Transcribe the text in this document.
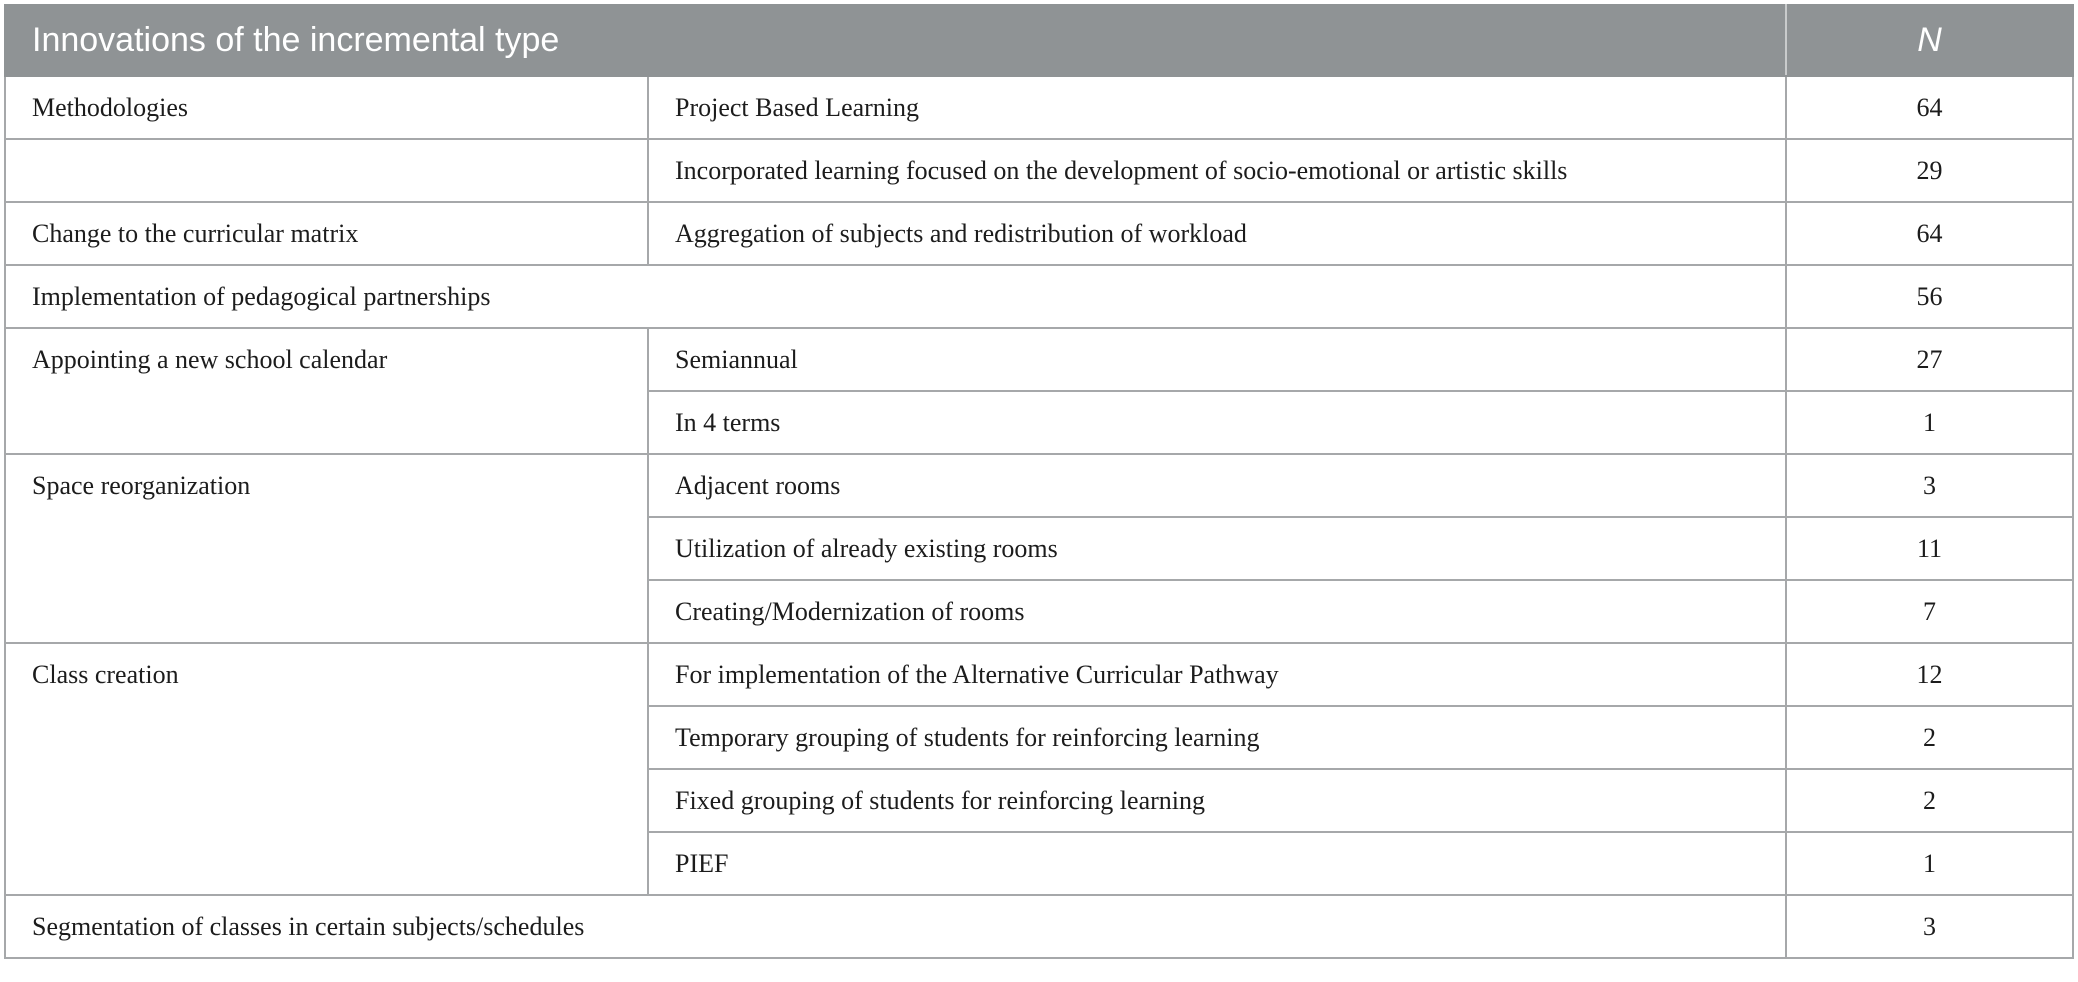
Innovations of the incremental type		N
Methodologies	Project Based Learning	64
	Incorporated learning focused on the development of socio-emotional or artistic skills	29
Change to the curricular matrix	Aggregation of subjects and redistribution of workload	64
Implementation of pedagogical partnerships		56
Appointing a new school calendar	Semiannual	27
	In 4 terms	1
Space reorganization	Adjacent rooms	3
	Utilization of already existing rooms	11
	Creating/Modernization of rooms	7
Class creation	For implementation of the Alternative Curricular Pathway	12
	Temporary grouping of students for reinforcing learning	2
	Fixed grouping of students for reinforcing learning	2
	PIEF	1
Segmentation of classes in certain subjects/schedules		3
